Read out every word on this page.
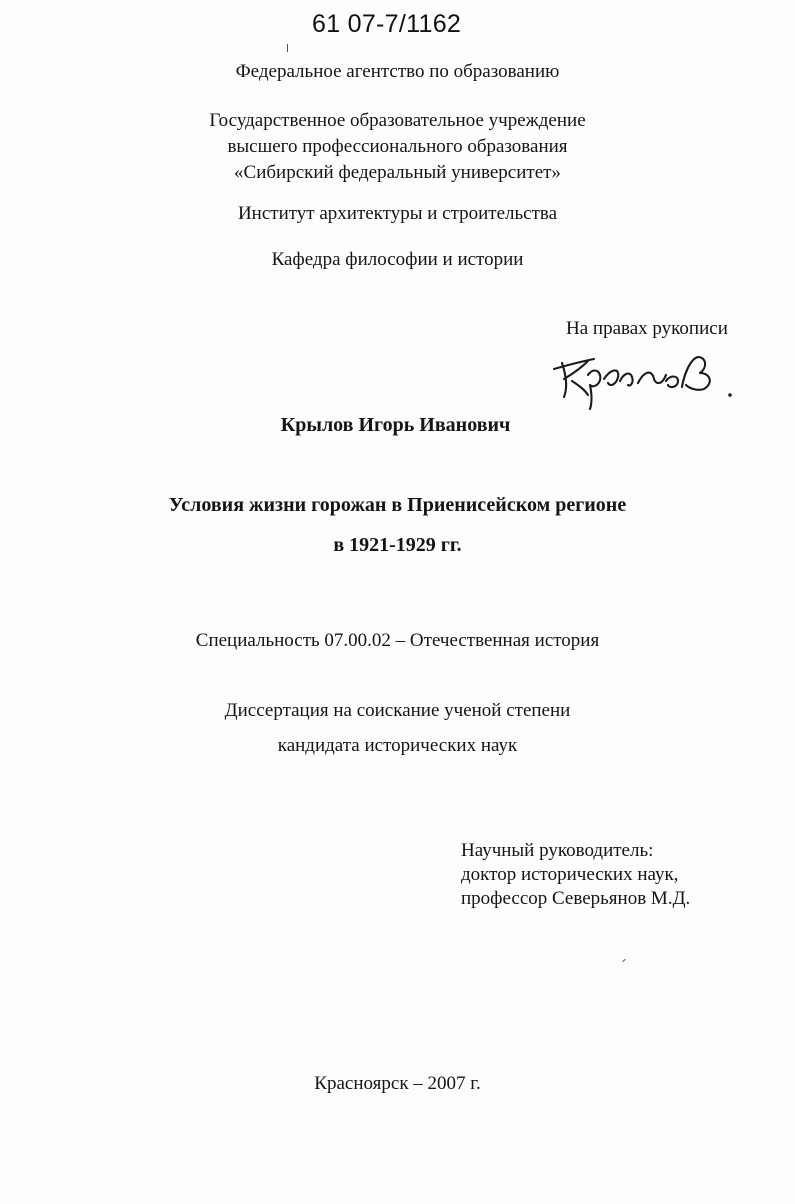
61 07-7/1162
Федеральное агентство по образованию
Государственное образовательное учреждение
высшего профессионального образования
«Сибирский федеральный университет»
Институт архитектуры и строительства
Кафедра философии и истории
На правах рукописи
Крылов Игорь Иванович
Условия жизни горожан в Приенисейском регионе
в 1921-1929 гг.
Специальность 07.00.02 – Отечественная история
Диссертация на соискание ученой степени
кандидата исторических наук
Научный руководитель:
доктор исторических наук,
профессор Северьянов М.Д.
Красноярск – 2007 г.
